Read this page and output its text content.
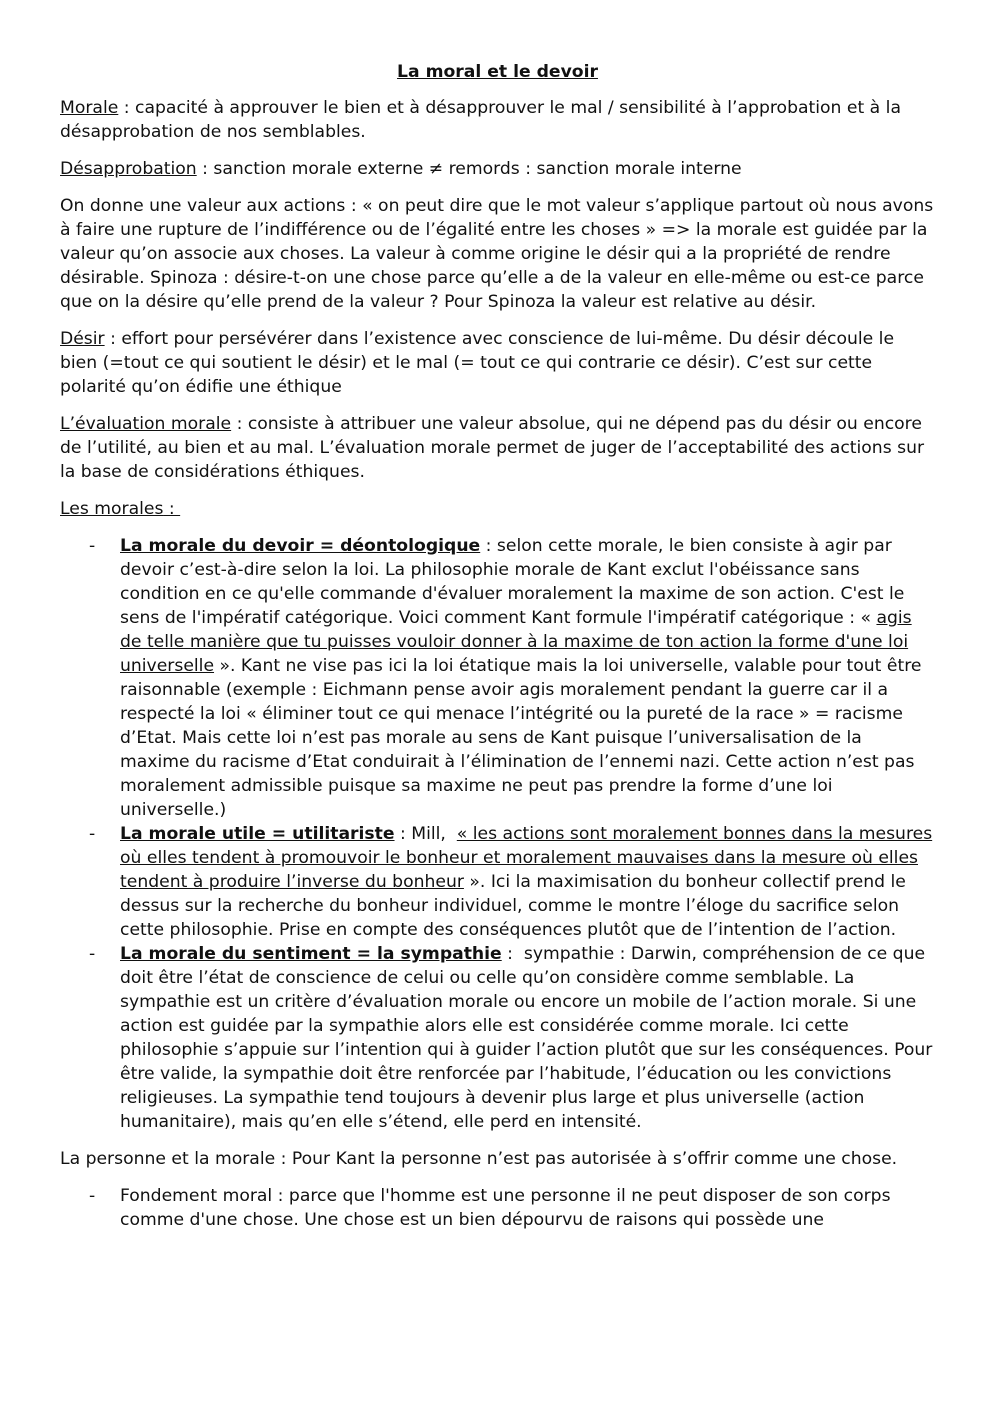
La moral et le devoir

Morale : capacité à approuver le bien et à désapprouver le mal / sensibilité à l’approbation et à la désapprobation de nos semblables.

Désapprobation : sanction morale externe ≠ remords : sanction morale interne

On donne une valeur aux actions : « on peut dire que le mot valeur s’applique partout où nous avons à faire une rupture de l’indifférence ou de l’égalité entre les choses » => la morale est guidée par la valeur qu’on associe aux choses. La valeur à comme origine le désir qui a la propriété de rendre désirable. Spinoza : désire-t-on une chose parce qu’elle a de la valeur en elle-même ou est-ce parce que on la désire qu’elle prend de la valeur ? Pour Spinoza la valeur est relative au désir.

Désir : effort pour persévérer dans l’existence avec conscience de lui-même. Du désir découle le bien (=tout ce qui soutient le désir) et le mal (= tout ce qui contrarie ce désir). C’est sur cette polarité qu’on édifie une éthique

L’évaluation morale : consiste à attribuer une valeur absolue, qui ne dépend pas du désir ou encore de l’utilité, au bien et au mal. L’évaluation morale permet de juger de l’acceptabilité des actions sur la base de considérations éthiques.

Les morales :

- La morale du devoir = déontologique : selon cette morale, le bien consiste à agir par devoir c’est-à-dire selon la loi. La philosophie morale de Kant exclut l'obéissance sans condition en ce qu'elle commande d'évaluer moralement la maxime de son action. C'est le sens de l'impératif catégorique. Voici comment Kant formule l'impératif catégorique : « agis de telle manière que tu puisses vouloir donner à la maxime de ton action la forme d'une loi universelle ». Kant ne vise pas ici la loi étatique mais la loi universelle, valable pour tout être raisonnable (exemple : Eichmann pense avoir agis moralement pendant la guerre car il a respecté la loi « éliminer tout ce qui menace l’intégrité ou la pureté de la race » = racisme d’Etat. Mais cette loi n’est pas morale au sens de Kant puisque l’universalisation de la maxime du racisme d’Etat conduirait à l’élimination de l’ennemi nazi. Cette action n’est pas moralement admissible puisque sa maxime ne peut pas prendre la forme d’une loi universelle.)
- La morale utile = utilitariste : Mill,  « les actions sont moralement bonnes dans la mesures où elles tendent à promouvoir le bonheur et moralement mauvaises dans la mesure où elles tendent à produire l’inverse du bonheur ». Ici la maximisation du bonheur collectif prend le dessus sur la recherche du bonheur individuel, comme le montre l’éloge du sacrifice selon cette philosophie. Prise en compte des conséquences plutôt que de l’intention de l’action.
- La morale du sentiment = la sympathie :  sympathie : Darwin, compréhension de ce que doit être l’état de conscience de celui ou celle qu’on considère comme semblable. La sympathie est un critère d’évaluation morale ou encore un mobile de l’action morale. Si une action est guidée par la sympathie alors elle est considérée comme morale. Ici cette philosophie s’appuie sur l’intention qui à guider l’action plutôt que sur les conséquences. Pour être valide, la sympathie doit être renforcée par l’habitude, l’éducation ou les convictions religieuses. La sympathie tend toujours à devenir plus large et plus universelle (action humanitaire), mais qu’en elle s’étend, elle perd en intensité.

La personne et la morale : Pour Kant la personne n’est pas autorisée à s’offrir comme une chose.

- Fondement moral : parce que l'homme est une personne il ne peut disposer de son corps comme d'une chose. Une chose est un bien dépourvu de raisons qui possède une
